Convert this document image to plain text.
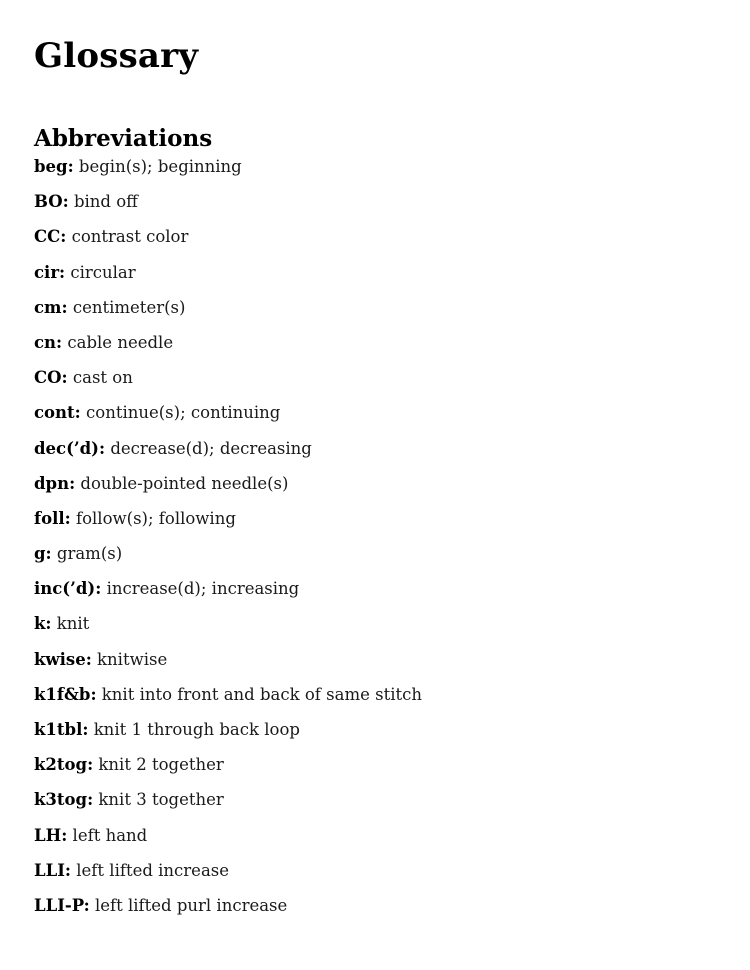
Glossary
Abbreviations
beg: begin(s); beginning
BO: bind off
CC: contrast color
cir: circular
cm: centimeter(s)
cn: cable needle
CO: cast on
cont: continue(s); continuing
dec(’d): decrease(d); decreasing
dpn: double-pointed needle(s)
foll: follow(s); following
g: gram(s)
inc(’d): increase(d); increasing
k: knit
kwise: knitwise
k1f&b: knit into front and back of same stitch
k1tbl: knit 1 through back loop
k2tog: knit 2 together
k3tog: knit 3 together
LH: left hand
LLI: left lifted increase
LLI-P: left lifted purl increase
